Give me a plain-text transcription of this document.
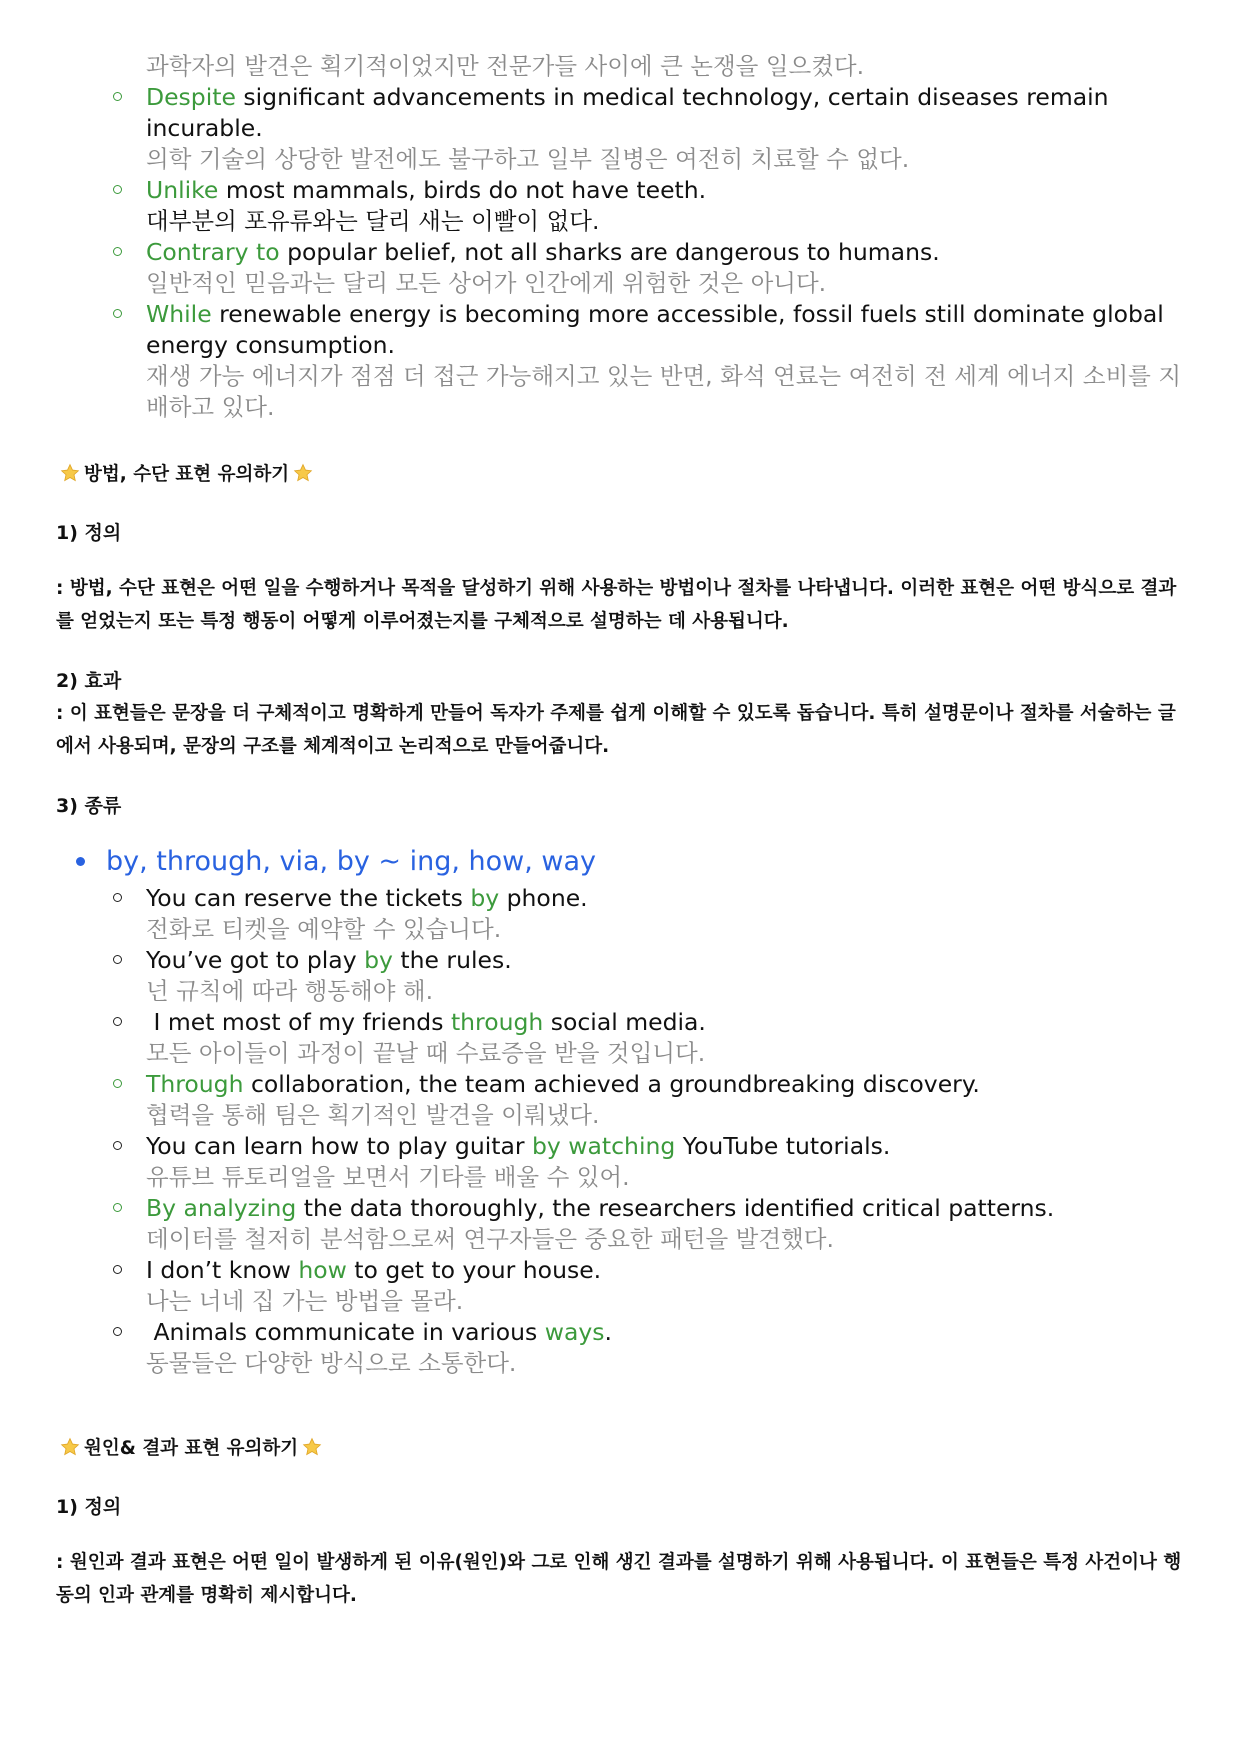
과학자의 발견은 획기적이었지만 전문가들 사이에 큰 논쟁을 일으켰다.
Despite significant advancements in medical technology, certain diseases remain incurable.
의학 기술의 상당한 발전에도 불구하고 일부 질병은 여전히 치료할 수 없다.
Unlike most mammals, birds do not have teeth.
대부분의 포유류와는 달리 새는 이빨이 없다.
Contrary to popular belief, not all sharks are dangerous to humans.
일반적인 믿음과는 달리 모든 상어가 인간에게 위험한 것은 아니다.
While renewable energy is becoming more accessible, fossil fuels still dominate global energy consumption.
재생 가능 에너지가 점점 더 접근 가능해지고 있는 반면, 화석 연료는 여전히 전 세계 에너지 소비를 지배하고 있다.
방법, 수단 표현 유의하기
1) 정의
: 방법, 수단 표현은 어떤 일을 수행하거나 목적을 달성하기 위해 사용하는 방법이나 절차를 나타냅니다. 이러한 표현은 어떤 방식으로 결과를 얻었는지 또는 특정 행동이 어떻게 이루어졌는지를 구체적으로 설명하는 데 사용됩니다.
2) 효과
: 이 표현들은 문장을 더 구체적이고 명확하게 만들어 독자가 주제를 쉽게 이해할 수 있도록 돕습니다. 특히 설명문이나 절차를 서술하는 글에서 사용되며, 문장의 구조를 체계적이고 논리적으로 만들어줍니다.
3) 종류
by, through, via, by ~ ing, how, way
You can reserve the tickets by phone.
전화로 티켓을 예약할 수 있습니다.
You’ve got to play by the rules.
넌 규칙에 따라 행동해야 해.
I met most of my friends through social media.
모든 아이들이 과정이 끝날 때 수료증을 받을 것입니다.
Through collaboration, the team achieved a groundbreaking discovery.
협력을 통해 팀은 획기적인 발견을 이뤄냈다.
You can learn how to play guitar by watching YouTube tutorials.
유튜브 튜토리얼을 보면서 기타를 배울 수 있어.
By analyzing the data thoroughly, the researchers identified critical patterns.
데이터를 철저히 분석함으로써 연구자들은 중요한 패턴을 발견했다.
I don’t know how to get to your house.
나는 너네 집 가는 방법을 몰라.
Animals communicate in various ways.
동물들은 다양한 방식으로 소통한다.
원인& 결과 표현 유의하기
1) 정의
: 원인과 결과 표현은 어떤 일이 발생하게 된 이유(원인)와 그로 인해 생긴 결과를 설명하기 위해 사용됩니다. 이 표현들은 특정 사건이나 행동의 인과 관계를 명확히 제시합니다.
